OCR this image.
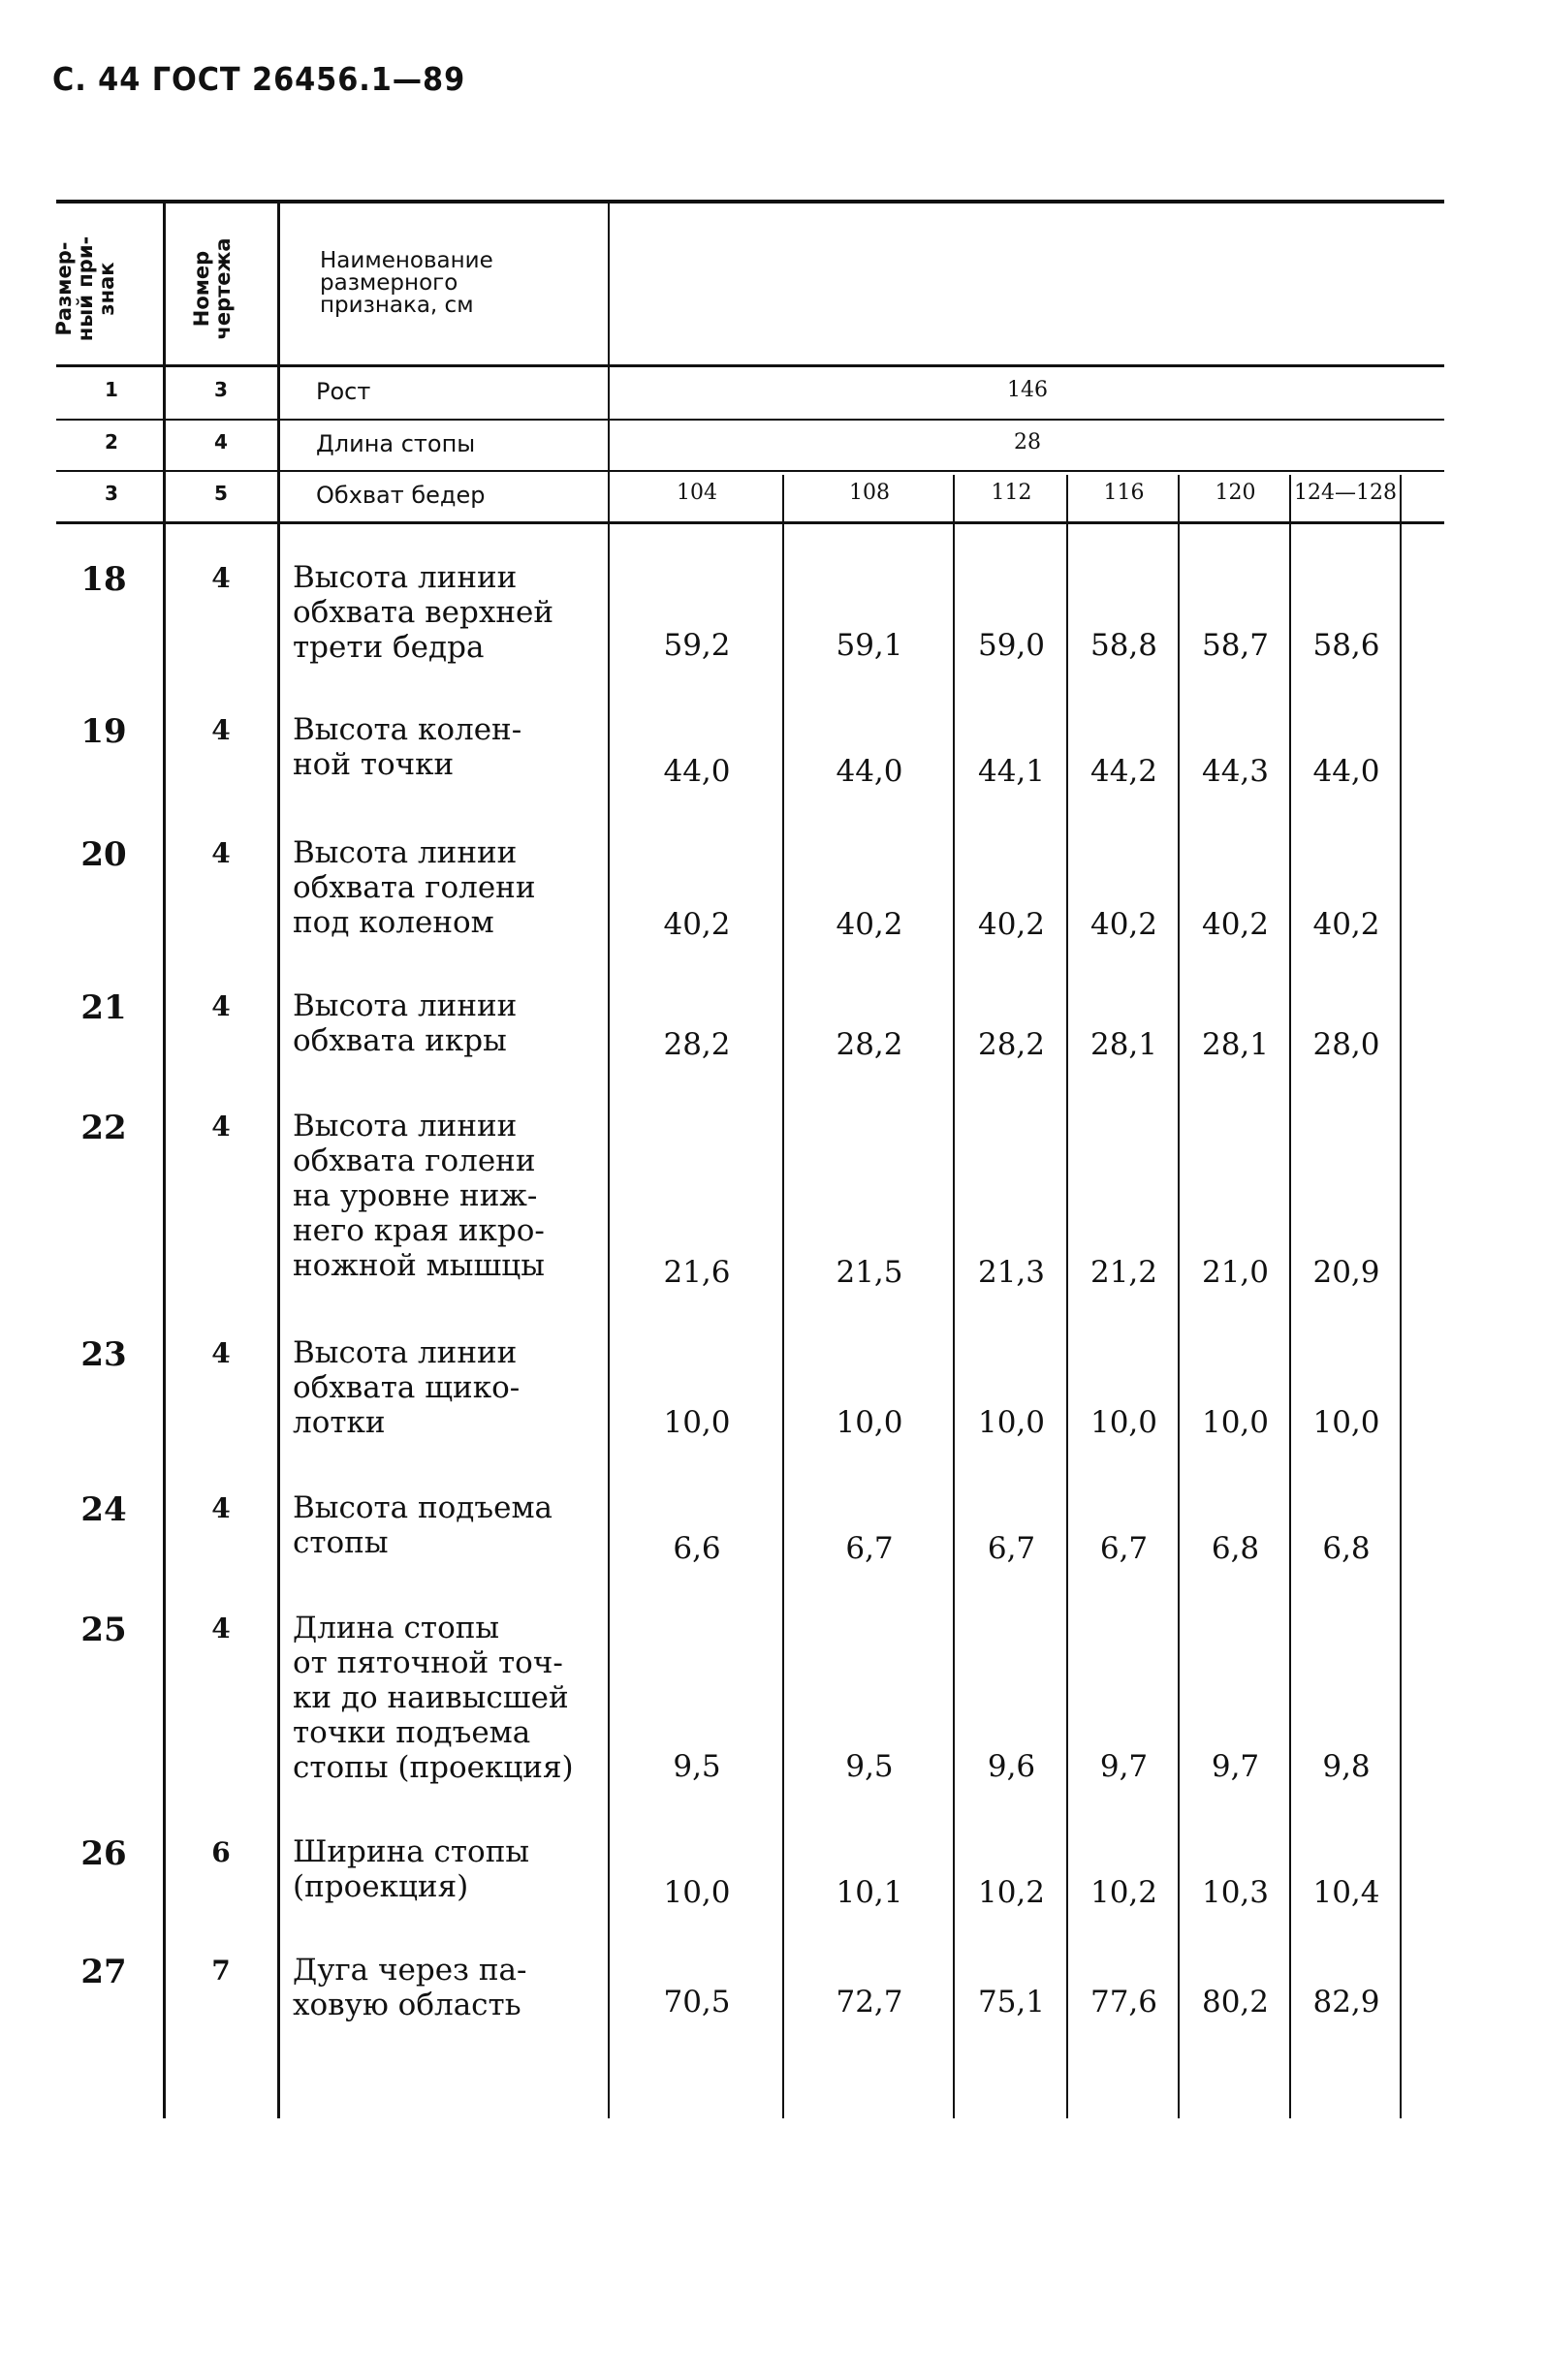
С. 44 ГОСТ 26456.1—89
Размер-
ный при-
знак	Номер
чертежа	Наименование
размерного
признака, см
1	3	Рост	146
2	4	Длина стопы	28
3	5	Обхват бедер	104	108	112	116	120	124—128
18	4	Высота линии
обхвата верхней
трети бедра	59,2	59,1	59,0	58,8	58,7	58,6
19	4	Высота колен-
ной точки	44,0	44,0	44,1	44,2	44,3	44,0
20	4	Высота линии
обхвата голени
под коленом	40,2	40,2	40,2	40,2	40,2	40,2
21	4	Высота линии
обхвата икры	28,2	28,2	28,2	28,1	28,1	28,0
22	4	Высота линии
обхвата голени
на уровне ниж-
него края икро-
ножной мышцы	21,6	21,5	21,3	21,2	21,0	20,9
23	4	Высота линии
обхвата щико-
лотки	10,0	10,0	10,0	10,0	10,0	10,0
24	4	Высота подъема
стопы	6,6	6,7	6,7	6,7	6,8	6,8
25	4	Длина стопы
от пяточной точ-
ки до наивысшей
точки подъема
стопы (проекция)	9,5	9,5	9,6	9,7	9,7	9,8
26	6	Ширина стопы
(проекция)	10,0	10,1	10,2	10,2	10,3	10,4
27	7	Дуга через па-
ховую область	70,5	72,7	75,1	77,6	80,2	82,9
